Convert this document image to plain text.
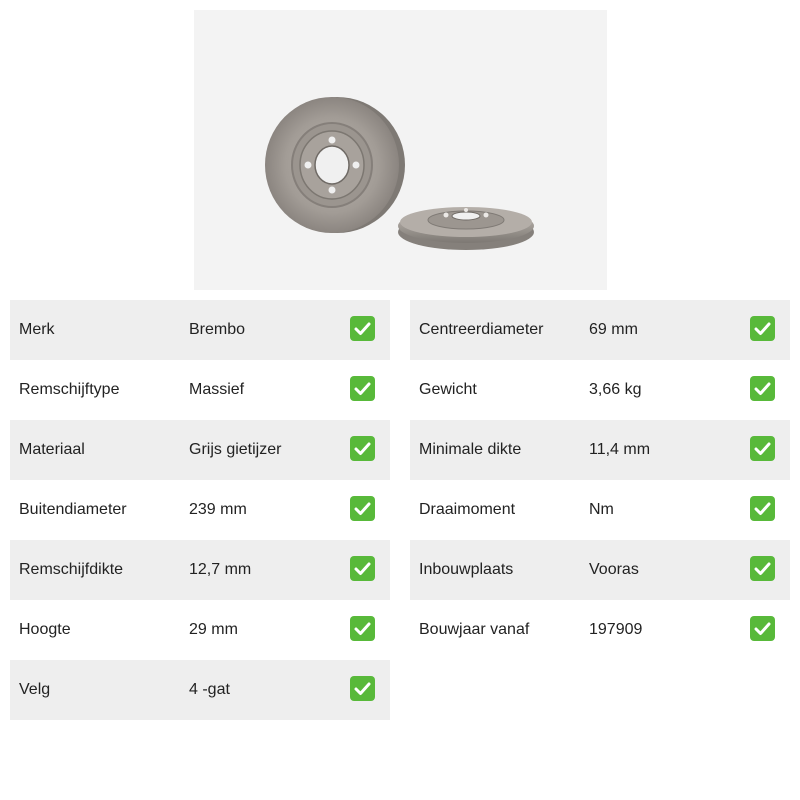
Merk	Brembo
Remschijftype	Massief
Materiaal	Grijs gietijzer
Buitendiameter	239 mm
Remschijfdikte	12,7 mm
Hoogte	29 mm
Velg	4 -gat
Centreerdiameter	69 mm
Gewicht	3,66 kg
Minimale dikte	11,4 mm
Draaimoment	Nm
Inbouwplaats	Vooras
Bouwjaar vanaf	197909
